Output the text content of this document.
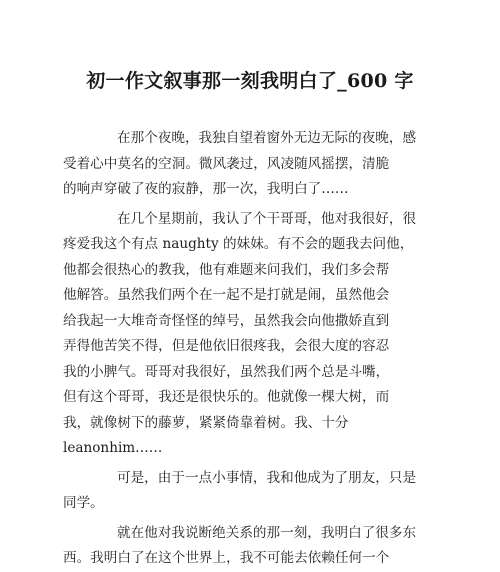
初一作文叙事那一刻我明白了_600 字
在那个夜晚，我独自望着窗外无边无际的夜晚，感
受着心中莫名的空洞。微风袭过，风凌随风摇摆，清脆
的响声穿破了夜的寂静，那一次，我明白了……
在几个星期前，我认了个干哥哥，他对我很好，很
疼爱我这个有点 naughty 的妹妹。有不会的题我去问他，
他都会很热心的教我，他有难题来问我们，我们多会帮
他解答。虽然我们两个在一起不是打就是闹，虽然他会
给我起一大堆奇奇怪怪的绰号，虽然我会向他撒娇直到
弄得他苦笑不得，但是他依旧很疼我，会很大度的容忍
我的小脾气。哥哥对我很好，虽然我们两个总是斗嘴，
但有这个哥哥，我还是很快乐的。他就像一棵大树，而
我，就像树下的藤萝，紧紧倚靠着树。我、十分
leanonhim……
可是，由于一点小事情，我和他成为了朋友，只是
同学。
就在他对我说断绝关系的那一刻，我明白了很多东
西。我明白了在这个世界上，我不可能去依赖任何一个
